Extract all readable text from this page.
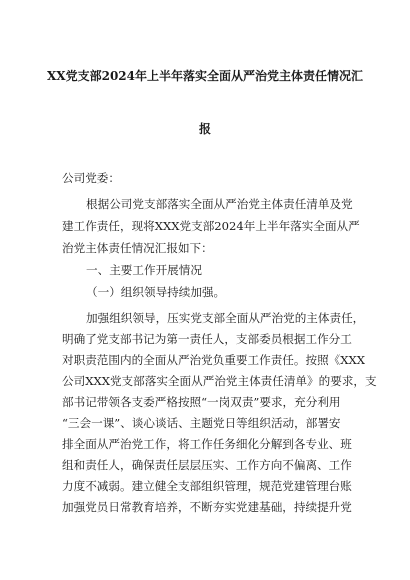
XX党支部2024年上半年落实全面从严治党主体责任情况汇
报
公司党委：
根据公司党支部落实全面从严治党主体责任清单及党
建工作责任，现将XXX党支部2024年上半年落实全面从严
治党主体责任情况汇报如下：
一、主要工作开展情况
（一）组织领导持续加强。
加强组织领导，压实党支部全面从严治党的主体责任，
明确了党支部书记为第一责任人，支部委员根据工作分工
对职责范围内的全面从严治党负重要工作责任。按照《XXX
公司XXX党支部落实全面从严治党主体责任清单》的要求，支
部书记带领各支委严格按照“一岗双责”要求，充分利用
“三会一课”、谈心谈话、主题党日等组织活动，部署安
排全面从严治党工作，将工作任务细化分解到各专业、班
组和责任人，确保责任层层压实、工作方向不偏离、工作
力度不减弱。建立健全支部组织管理，规范党建管理台账
加强党员日常教育培养，不断夯实党建基础，持续提升党
